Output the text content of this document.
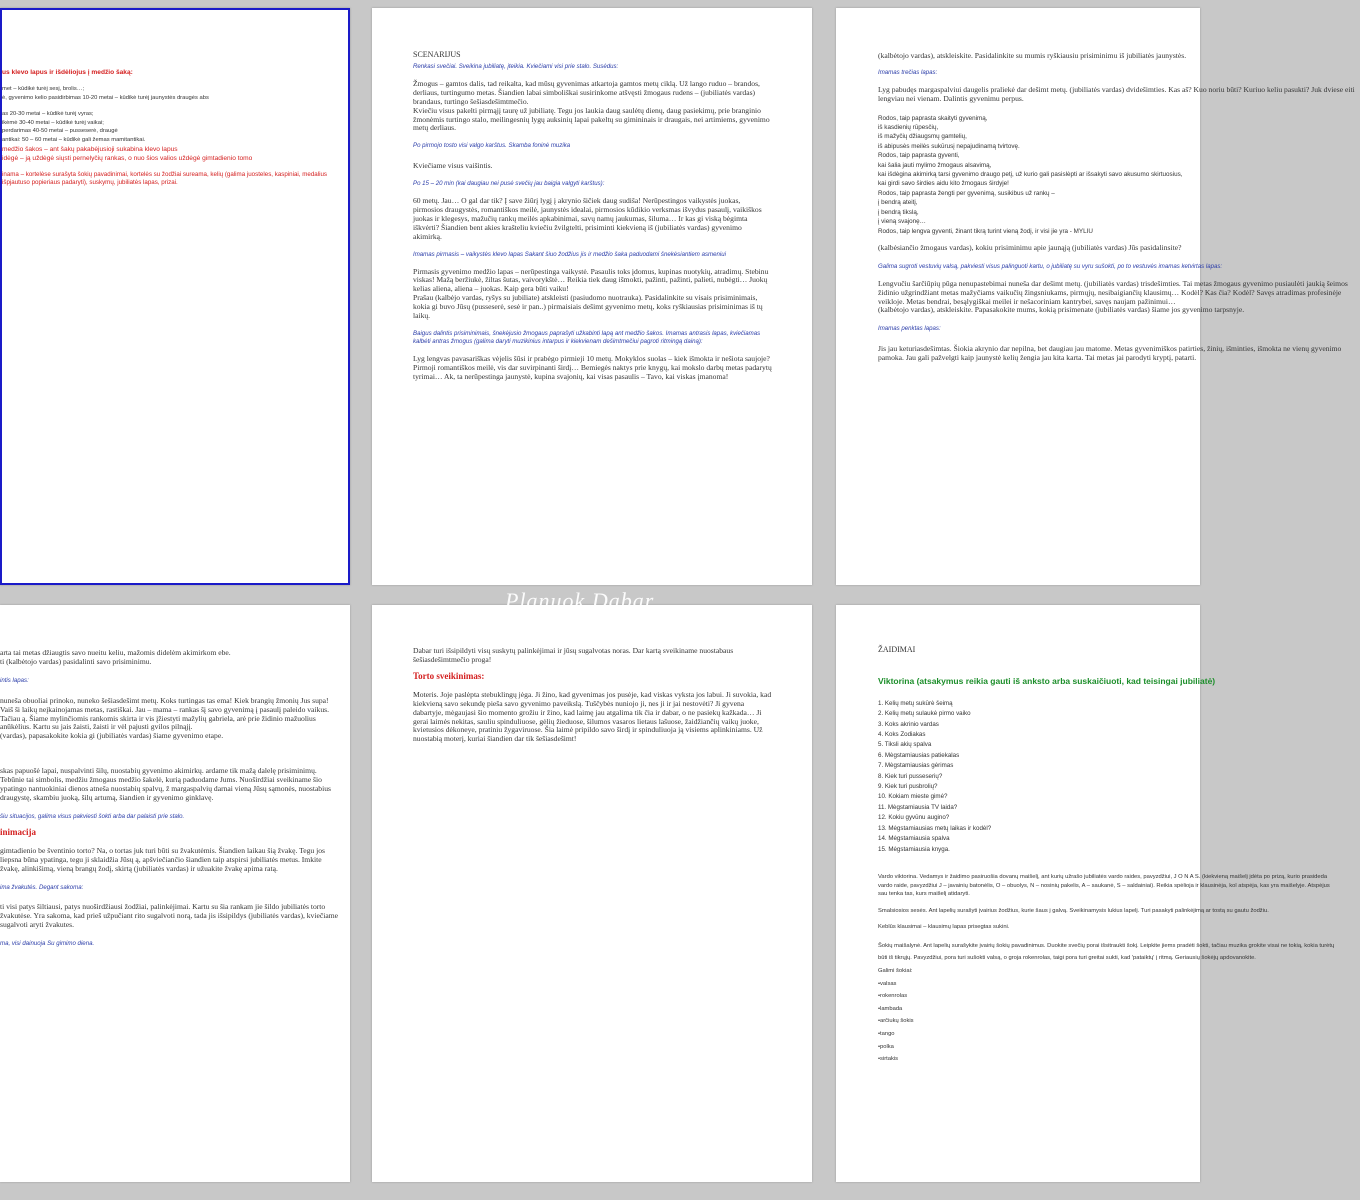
us klevo lapus ir išdėliojus į medžio šaką:
met – kūdikė turėj sesį, brolis…;
ė, gyvenimo kelio pasidirbimas 10-20 metai – kūdikė turėj jaunystės draugės abs
as 20-30 metai – kūdikė turėj vyras;
ikėmė 30-40 metai – kūdikė turėj vaikai;
perdarimas 40-50 metai – pusseserė, draugė
antikai: 50 – 60 metai – kūdikė gali žemas mamitantikai.
medžio šakos – ant šakų pakabėjusioji sukabina klevo lapus
idėgė – ją uždėgė siųsti pernelyčių rankas, o nuo šios valios uždėgė gimtadienio tomo
inama – kortelėse surašyta šokių pavadinimai, kortelės su žodžiai sureama, kelių (galima juosteles, kaspiniai, medalius išpjautuso popieriaus padaryti), suskymų, jubiliatės lapas, prizai.
SCENARIJUS
Renkasi svečiai. Sveikina jubiliatę, įteikia. Kviečiami visi prie stalo. Susėdus:
Žmogus – gamtos dalis, tad reikalta, kad mūsų gyvenimas atkartoja gamtos metų ciklą. Už lango ruduo – brandos, derliaus, turtingumo metas. Šiandien labai simboliškai susirinkome atšvęsti žmogaus rudens – (jubiliatės vardas) brandaus, turtingo šešiasdešimtmečio.
Kviečiu visus pakelti pirmąjį taurę už jubiliatę. Tegu jos laukia daug saulėtų dienų, daug pasiekimų, prie branginio žmonėmis turtingo stalo, meilingesnių lygų auksinių lapai pakeltų su gimininais ir draugais, nei artimiems, gyvenimo metų derliaus.
Po pirmojo tosto visi valgo karštus. Skamba foninė muzika
Kviečiame visus vaišintis.
Po 15 – 20 min (kai daugiau nei pusė svečių jau baigia valgyti karštus):
60 metų. Jau… O gal dar tik? Į save žiūrį lygį į akrynio šičiek daug sudiša! Nerūpestingos vaikystės juokas, pirmosios draugystės, romantiškos meilė, jaunystės idealai, pirmosios kūdikio verksmas išvydus pasaulį, vaikiškos juokas ir klegesys, mažučių rankų meilės apkabinimai, savų namų jaukumas, šiluma… Ir kas gi viską bėgimta iškvėrti? Šiandien bent akies krašteliu kviečiu žvilgtelti, prisiminti kiekvieną iš (jubiliatės vardas) gyvenimo akimirką.
Imamas pirmasis – vaikystės klevo lapas Sakant šiuo žodžius jis ir medžio šaka paduodami šnekėsiantiem asmeniui
Pirmasis gyvenimo medžio lapas – nerūpestinga vaikystė. Pasaulis toks įdomus, kupinas nuotykių, atradimų. Stebinu viskas! Mažą beržiukė, žiltas šutas, vaivorykštė… Reikia tiek daug išmokti, pažinti, pažinti, palieti, nubėgti… Juokų kelias aliena, aliena – juokas. Kaip gera būti vaiku!
Prašau (kalbėjo vardas, ryšys su jubiliate) atskleisti (pasiudomo nuotrauka). Pasidalinkite su visais prisiminimais, kokia gi buvo Jūsų (pusseserė, sesė ir pan..) pirmaisiais dešimt gyvenimo metų, koks ryškiausias prisiminimas iš tų laikų.
Baigus dalintis prisiminimais, šnekėjusio žmogaus paprašyti užkabinti lapą ant medžio šakos. Imamas antrasis lapas, kviečiamas kalbėti antras žmogus (galima daryti muzikinius intarpus ir kiekvienam dešimtmečiui pagroti ritmingą dainą):
Lyg lengvas pavasariškas vėjelis šūsi ir prabėgo pirmieji 10 metų. Mokyklos suolas – kiek išmokta ir nešiota saujoje? Pirmoji romantiškos meilė, vis dar suvirpinanti širdį… Bemiegės naktys prie knygų, kai mokslo darbų metas padarytų tyrimai… Ak, ta nerūpestinga jaunystė, kupina svajonių, kai visas pasaulis – Tavo, kai viskas įmanoma!
(kalbėtojo vardas), atskleiskite. Pasidalinkite su mumis ryškiausiu prisiminimu iš jubiliatės jaunystės.
Imamas trečias lapas:
Lyg pabudęs margaspalviui daugelis praliekė dar dešimt metų. (jubiliatės vardas) dvidešimties. Kas aš? Kuo noriu būti? Kuriuo keliu pasukti? Juk dviese eiti lengviau nei vienam. Dalintis gyvenimu perpus.
Rodos, taip paprasta skaityti gyvenimą,
iš kasdienių rūpesčių,
iš mažyčių džiaugsmų gamtelių,
iš abipusės meilės sukūrusį nepajudinamą tvirtovę.
Rodos, taip paprasta gyventi,
kai šalia jauti mylimo žmogaus alsavimą,
kai išdėgina akimirką tarsi gyvenimo draugo petį, už kurio gali pasislėpti ar išsakyti savo akusumo skirtuosius,
kai girdi savo širdies aidu kito žmogaus širdyje!
Rodos, taip paprasta žengti per gyvenimą, susikibus už rankų –
į bendrą ateitį,
į bendrą tikslą,
į vieną svajonę…
Rodos, taip lengva gyventi, žinant tikrą turint vieną žodį, ir visi jie yra - MYLIU
(kalbėsiančio žmogaus vardas), kokiu prisiminimu apie jaunąją (jubiliatės vardas) Jūs pasidalinsite?
Galima sugroti vestuvių valsą, pakviesti visus palinguoti kartu, o jubiliatę su vyru sušokti, po to vestuvės imamas ketvirtas lapas:
Lengvučiu šarčiūpių pūga nenupastebimai nuneša dar dešimt metų. (jubiliatės vardas) trisdešimties. Tai metas žmogaus gyvenimo pusiaulėti jaukią šeimos židinio užgrindžiant metas mažyčiams vaikučių žingsniukams, pirmųjų, nesibaigiančių klausimų… Kodėl? Kas čia? Kodėl? Savęs atradimas profesinėje veikloje. Metas bendrai, besąlygiškai meilei ir nešacoriniam kantrybei, savęs naujam pažinimui…
(kalbėtojo vardas), atskleiskite. Papasakokite mums, kokią prisimenate (jubiliatės vardas) šiame jos gyvenimo tarpsnyje.
Imamas penktas lapas:
Jis jau keturiasdešimtas. Šiokia akrynio dar nepilna, bet daugiau jau matome. Metas gyvenimiškos patirties, žinių, išminties, išmokta ne vienų gyvenimo pamoka. Jau gali pažvelgti kaip jaunystė kelių žengia jau kita karta. Tai metas jai parodyti kryptį, patarti.
arta tai metas džiaugtis savo nueitu keliu, mažomis didelėm akimirkom ebe.
ti (kalbėtojo vardas) pasidalinti savo prisiminimu.
intis lapas:
nuneša obuoliai prinoko, nuneko šešiasdešimt metų. Koks turtingas tas ema! Kiek brangių žmonių Jus supa! Vaiš ši laikų neįkainojamas metas, rastiškai. Jau – mama – rankas šį savo gyvenimą į pasaulį paleido vaikus. Tačiau ą. Šiame mylinčiomis rankomis skirta ir vis įžiestyti mažylių gabriela, arė prie židinio mažuolius anūkėlius. Kartu su jais žaisti, žaisti ir vėl pajusti gvilos pilnąjį.
(vardas), papasakokite kokia gi (jubiliatės vardas) šiame gyvenimo etape.
skas papuošė lapai, nuspalvinti šilų, nuostabių gyvenimo akimirkų. ardame tik mažą dalelę prisiminimų. Tebūnie tai simbolis, medžiu žmogaus medžio šakelė, kurią paduodame Jums. Nuoširdžiai sveikiname šio ypatingo nantuokiniai dienos atneša nuostabių spalvų, ž margaspalvių darnai vieną Jūsų sąmonės, nuostabius draugystę, skambiu juoką, šilų artumą, šiandien ir gyvenimo ginklavę.
šiu situacijos, galima visus pakviesti šokti arba dar palaisti prie stalo.
inimacija
gimtadienio be šventinio torto? Na, o tortas juk turi būti su žvakutėmis. Šiandien laikau šią žvakę. Tegu jos liepsna būna ypatinga, tegu ji sklaidžia Jūsų ą, apšviečiančio šiandien taip atspirsi jubiliatės metus. Imkite žvakę, alinkišimą, vieną brangų žodį, skirtą (jubiliatės vardas) ir užuakite žvakę apima ratą.
ima žvakutės. Degant sakoma:
ti visi patys šiltiausi, patys nuoširdžiausi žodžiai, palinkėjimai. Kartu su šia rankam jie šildo jubiliatės torto žvakutėse. Yra sakoma, kad prieš užpučiant rito sugalvoti norą, tada jis išsipildys (jubiliatės vardas), kviečiame sugalvoti aryti žvakutes.
ma, visi dainuoja Su gimimo diena.
Dabar turi išsipildyti visų suskytų palinkėjimai ir jūsų sugalvotas noras. Dar kartą sveikiname nuostabaus šešiasdešimtmečio proga!
Torto sveikinimas:
Moteris. Joje paslėpta stebuklingų jėga. Ji žino, kad gyvenimas jos pusėje, kad viskas vyksta jos labui. Ji suvokia, kad kiekvieną savo sekundę pieša savo gyvenimo paveikslą. Tuščybės nuniojo ji, nes ji ir jai nestovėti? Ji gyvena dabartyje, mėgaujasi šio momento grožiu ir žino, kad laimę jau atgalima tik čia ir dabar, o ne pasiekų kažkada… Ji gerai laimės nekitas, sauliu spinduliuose, gėlių žieduose, šilumos vasaros lietaus lašuose, žaidžiančių vaikų juoke, kvietusios dėkoneye, pratiniu žygaviruose. Šia laimė pripildo savo širdį ir spinduliuoja ją visiems aplinkiniams. Už nuostabią moterį, kuriai šiandien dar tik šešiasdešimt!
ŽAIDIMAI

Viktorina (atsakymus reikia gauti iš anksto arba suskaičiuoti, kad teisingai jubiliatė)

1. Kelių metų sukūrė šeimą
2. Kelių metų sulaukė pirmo vaiko
3. Koks akrinio vardas
4. Koks Zodiakas
5. Tiksli akių spalva
6. Mėgstamiausias patiekalas
7. Mėgstamiausias gėrimas
8. Kiek turi pusseserių?
9. Kiek turi pusbrolių?
10. Kokiam mieste gimė?
11. Mėgstamiausia TV laida?
12. Kokiu gyvūnu augino?
13. Mėgstamiausias metų laikas ir kodėl?
14. Mėgstamiausia spalva
15. Mėgstamiausia knyga.
Vardo viktorina. Vedamys ir žaidimo pasiruošia dovanų maišelį, ant kurių užrašo jubiliatės vardo raides, pavyzdžiui, J O N A S. (kiekvieną maišelį įdėta po prizą, kurio prasideda vardo raide, pavyzdžiui J – javainių batonėlis, O – obuolys, N – nosinių pakelis, A – saukanė, S – saldainiai). Reikia spėlioja ir klausinėja, kol atspėja, kas yra maišelyje. Atspėjus sau tenka tas, kurs maišelį atidaryti.
Smalsiosios sesės. Ant lapelių surašyti įvairius žodžius, kurie šaus į galvą. Sveikinamysis lukius lapelį. Turi pasakyti palinkėjimą ar tostą su gautu žodžiu.
Keblūs klausimai – klausimų lapas prisegtas sukini.
Šokių maišalynė. Ant lapelių surašykite įvairių šokių pavadinimus. Duokite svečių porai išsitraukti šokį. Leipkite jiems pradėti šokti, tačiau muzika grokite visai ne tokią, kokia turėtų būti iš tikrųjų. Pavyzdžiui, pora turi sušokti valsą, o groja rokenrolas, taigi pora turi greitai sukti, kad 'pataiktų' į ritmą. Geriausių šokėjų apdovanokite.
Galimi šokiai:
•valsas
•rokenrolas
•lambada
•arčiukų šokis
•tango
•polka
•sirtakis
Planuok Dabar
